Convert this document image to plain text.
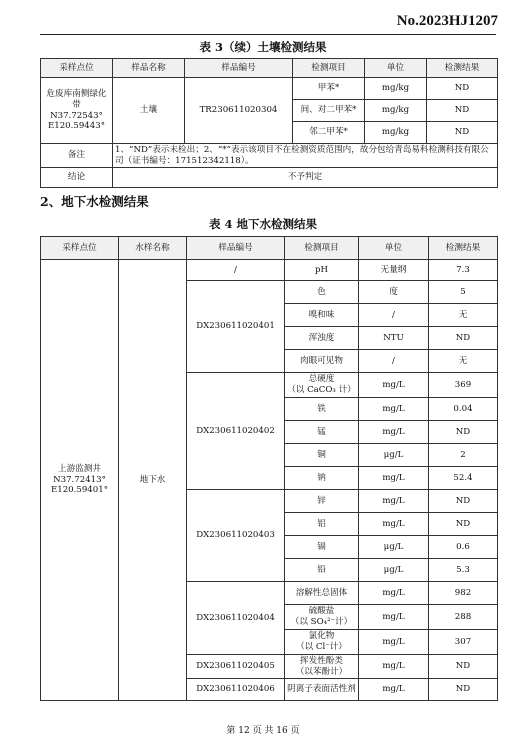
No.2023HJ1207
表 3（续）土壤检测结果
采样点位	样品名称	样品编号	检测项目	单位	检测结果

危废库南侧绿化带
N37.72543°
E120.59443°	土壤	TR230611020304	甲苯*	mg/kg	ND
			间、对二甲苯*	mg/kg	ND
			邻二甲苯*	mg/kg	ND
备注	1、“ND”表示未检出；2、“*”表示该项目不在检测资质范围内，故分包给青岛易科检测科技有限公司（证书编号：171512342118）。				
结论	不予判定				
2、地下水检测结果
表 4 地下水检测结果
采样点位	水样名称	样品编号	检测项目	单位	检测结果

上游监测井
N37.72413°
E120.59401°	地下水	/	pH	无量纲	7.3
		DX230611020401	色	度	5
			嗅和味	/	无
			浑浊度	NTU	ND
			肉眼可见物	/	无
		DX230611020402	总硬度
（以 CaCO₃ 计）	mg/L	369
			铁	mg/L	0.04
			锰	mg/L	ND
			铜	μg/L	2
			钠	mg/L	52.4
		DX230611020403	锌	mg/L	ND
			铝	mg/L	ND
			镉	μg/L	0.6
			铅	μg/L	5.3
		DX230611020404	溶解性总固体	mg/L	982

			硫酸盐
（以 SO₄²⁻计）	mg/L	288

			氯化物
（以 Cl⁻计）	mg/L	307
		DX230611020405	挥发性酚类
（以苯酚计）	mg/L	ND
		DX230611020406	阴离子表面活性剂	mg/L	ND
第 12 页 共 16 页
